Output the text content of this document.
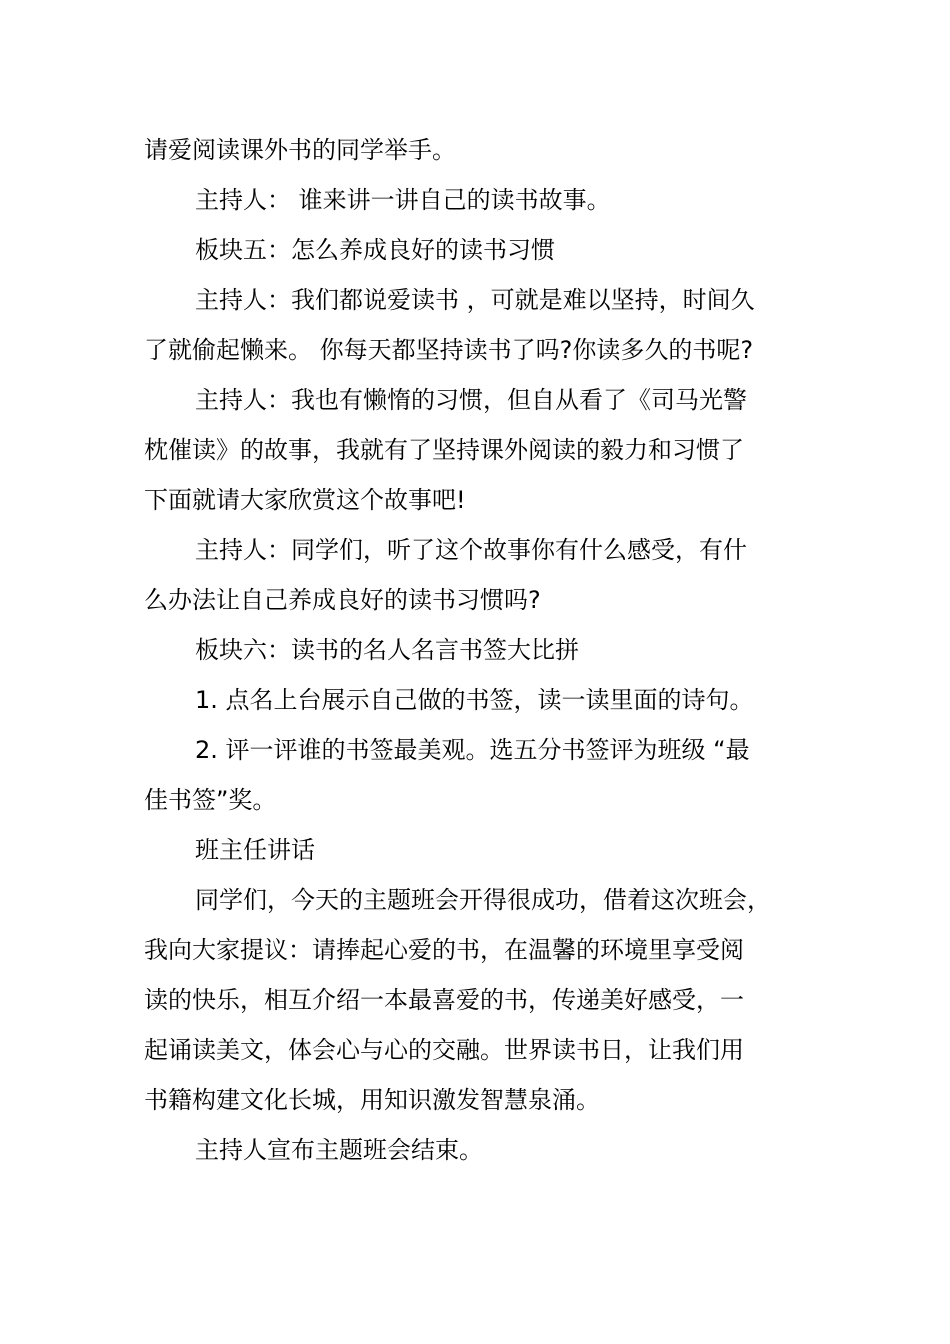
请爱阅读课外书的同学举手。
主持人： 谁来讲一讲自己的读书故事。
板块五：怎么养成良好的读书习惯
主持人：我们都说爱读书 ，可就是难以坚持，时间久
了就偷起懒来。 你每天都坚持读书了吗?你读多久的书呢?
主持人：我也有懒惰的习惯，但自从看了《司马光警
枕催读》的故事，我就有了坚持课外阅读的毅力和习惯了
下面就请大家欣赏这个故事吧!
主持人：同学们，听了这个故事你有什么感受，有什
么办法让自己养成良好的读书习惯吗?
板块六：读书的名人名言书签大比拼
1. 点名上台展示自己做的书签，读一读里面的诗句。
2. 评一评谁的书签最美观。选五分书签评为班级 “最
佳书签”奖。
班主任讲话
同学们，今天的主题班会开得很成功，借着这次班会，
我向大家提议：请捧起心爱的书，在温馨的环境里享受阅
读的快乐，相互介绍一本最喜爱的书，传递美好感受，一
起诵读美文，体会心与心的交融。世界读书日，让我们用
书籍构建文化长城，用知识激发智慧泉涌。
主持人宣布主题班会结束。
